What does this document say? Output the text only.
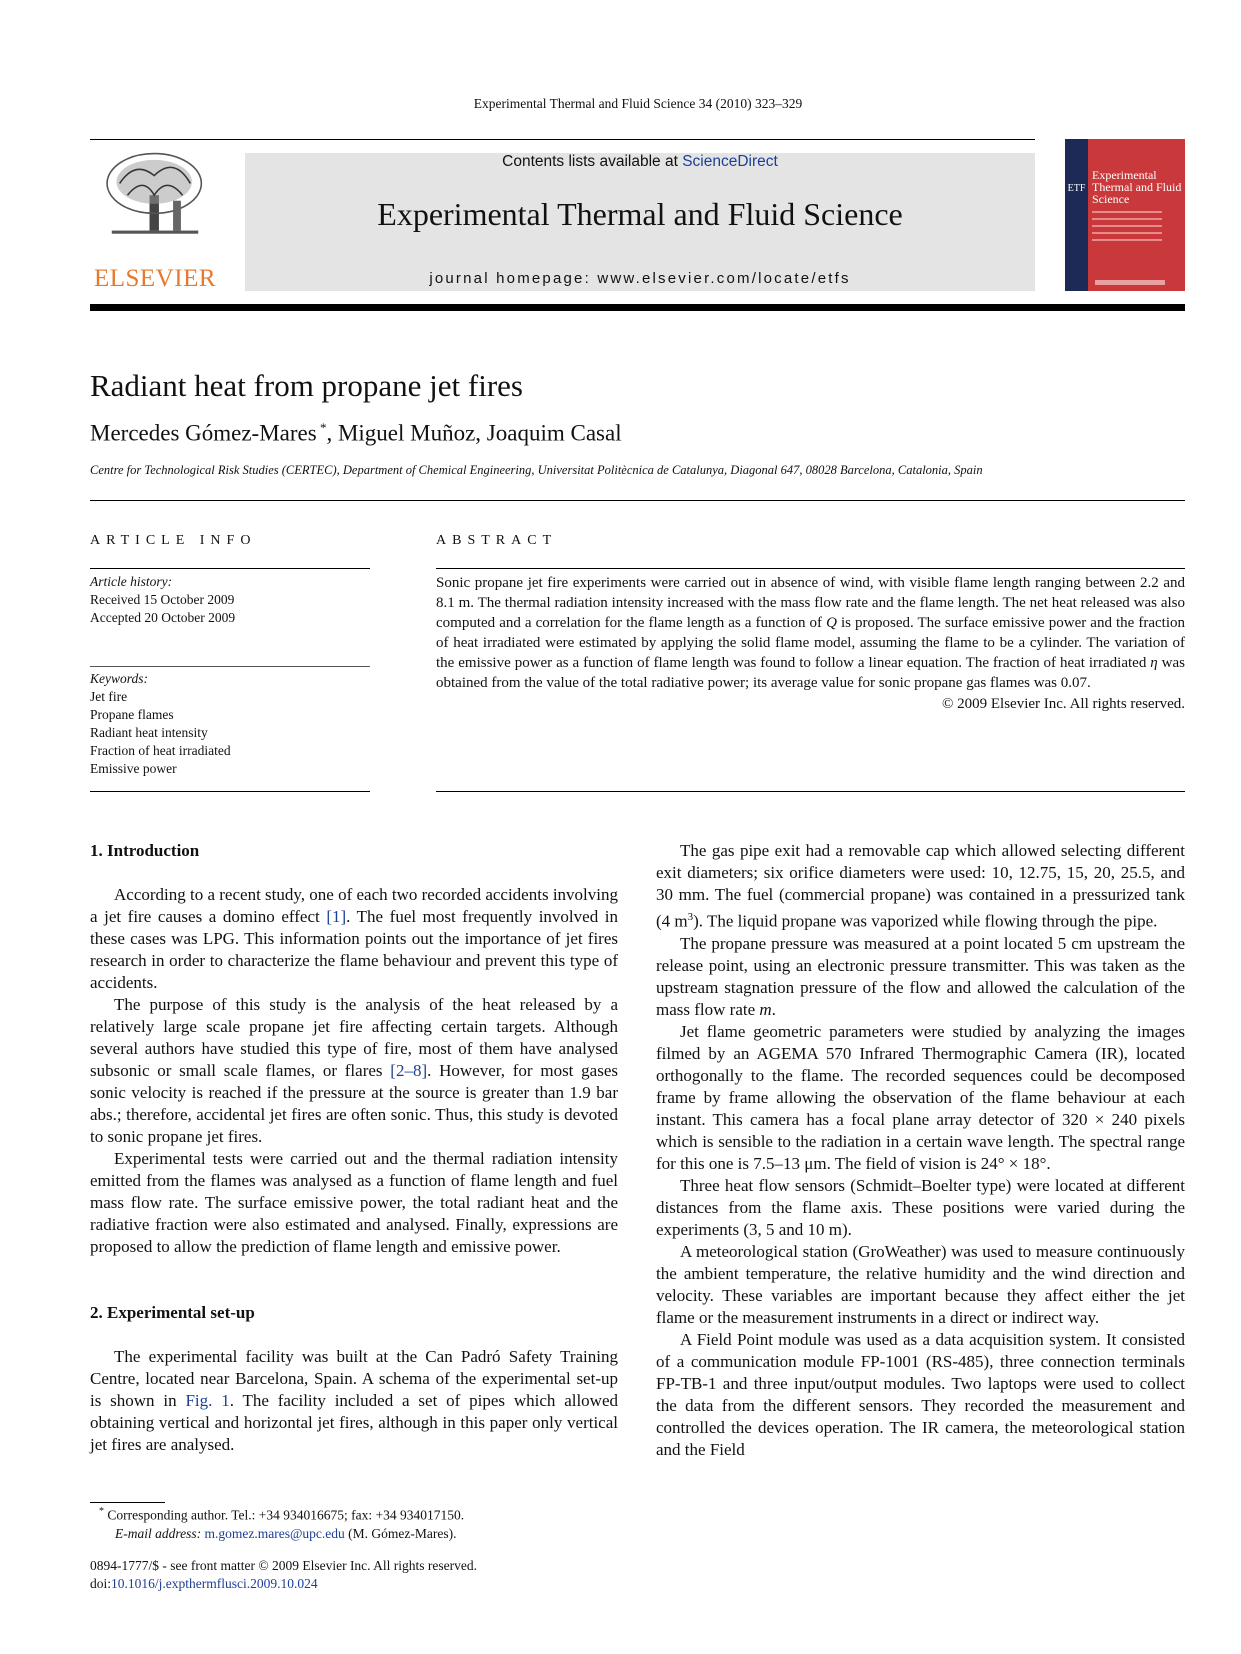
Experimental Thermal and Fluid Science 34 (2010) 323–329
ELSEVIER
Contents lists available at ScienceDirect
Experimental Thermal and Fluid Science
journal homepage: www.elsevier.com/locate/etfs
ETF
Experimental Thermal and Fluid Science
Radiant heat from propane jet fires
Mercedes Gómez-Mares *, Miguel Muñoz, Joaquim Casal
Centre for Technological Risk Studies (CERTEC), Department of Chemical Engineering, Universitat Politècnica de Catalunya, Diagonal 647, 08028 Barcelona, Catalonia, Spain
ARTICLE INFO	ABSTRACT
Article history:
Received 15 October 2009
Accepted 20 October 2009
Keywords:
Jet fire
Propane flames
Radiant heat intensity
Fraction of heat irradiated
Emissive power

Sonic propane jet fire experiments were carried out in absence of wind, with visible flame length ranging between 2.2 and 8.1 m. The thermal radiation intensity increased with the mass flow rate and the flame length. The net heat released was also computed and a correlation for the flame length as a function of Q is proposed. The surface emissive power and the fraction of heat irradiated were estimated by applying the solid flame model, assuming the flame to be a cylinder. The variation of the emissive power as a function of flame length was found to follow a linear equation. The fraction of heat irradiated η was obtained from the value of the total radiative power; its average value for sonic propane gas flames was 0.07.

© 2009 Elsevier Inc. All rights reserved.

1. Introduction

According to a recent study, one of each two recorded accidents involving a jet fire causes a domino effect [1]. The fuel most frequently involved in these cases was LPG. This information points out the importance of jet fires research in order to characterize the flame behaviour and prevent this type of accidents.

The purpose of this study is the analysis of the heat released by a relatively large scale propane jet fire affecting certain targets. Although several authors have studied this type of fire, most of them have analysed subsonic or small scale flames, or flares [2–8]. However, for most gases sonic velocity is reached if the pressure at the source is greater than 1.9 bar abs.; therefore, accidental jet fires are often sonic. Thus, this study is devoted to sonic propane jet fires.

Experimental tests were carried out and the thermal radiation intensity emitted from the flames was analysed as a function of flame length and fuel mass flow rate. The surface emissive power, the total radiant heat and the radiative fraction were also estimated and analysed. Finally, expressions are proposed to allow the prediction of flame length and emissive power.

2. Experimental set-up

The experimental facility was built at the Can Padró Safety Training Centre, located near Barcelona, Spain. A schema of the experimental set-up is shown in Fig. 1. The facility included a set of pipes which allowed obtaining vertical and horizontal jet fires, although in this paper only vertical jet fires are analysed.

The gas pipe exit had a removable cap which allowed selecting different exit diameters; six orifice diameters were used: 10, 12.75, 15, 20, 25.5, and 30 mm. The fuel (commercial propane) was contained in a pressurized tank (4 $m^3$). The liquid propane was vaporized while flowing through the pipe.

The propane pressure was measured at a point located 5 cm upstream the release point, using an electronic pressure transmitter. This was taken as the upstream stagnation pressure of the flow and allowed the calculation of the mass flow rate m.

Jet flame geometric parameters were studied by analyzing the images filmed by an AGEMA 570 Infrared Thermographic Camera (IR), located orthogonally to the flame. The recorded sequences could be decomposed frame by frame allowing the observation of the flame behaviour at each instant. This camera has a focal plane array detector of 320 × 240 pixels which is sensible to the radiation in a certain wave length. The spectral range for this one is 7.5–13 μm. The field of vision is 24° × 18°.

Three heat flow sensors (Schmidt–Boelter type) were located at different distances from the flame axis. These positions were varied during the experiments (3, 5 and 10 m).

A meteorological station (GroWeather) was used to measure continuously the ambient temperature, the relative humidity and the wind direction and velocity. These variables are important because they affect either the jet flame or the measurement instruments in a direct or indirect way.

A Field Point module was used as a data acquisition system. It consisted of a communication module FP-1001 (RS-485), three connection terminals FP-TB-1 and three input/output modules. Two laptops were used to collect the data from the different sensors. They recorded the measurement and controlled the devices operation. The IR camera, the meteorological station and the Field

* Corresponding author. Tel.: +34 934016675; fax: +34 934017150.
E-mail address: m.gomez.mares@upc.edu (M. Gómez-Mares).
0894-1777/$ - see front matter © 2009 Elsevier Inc. All rights reserved.
doi:10.1016/j.expthermflusci.2009.10.024
